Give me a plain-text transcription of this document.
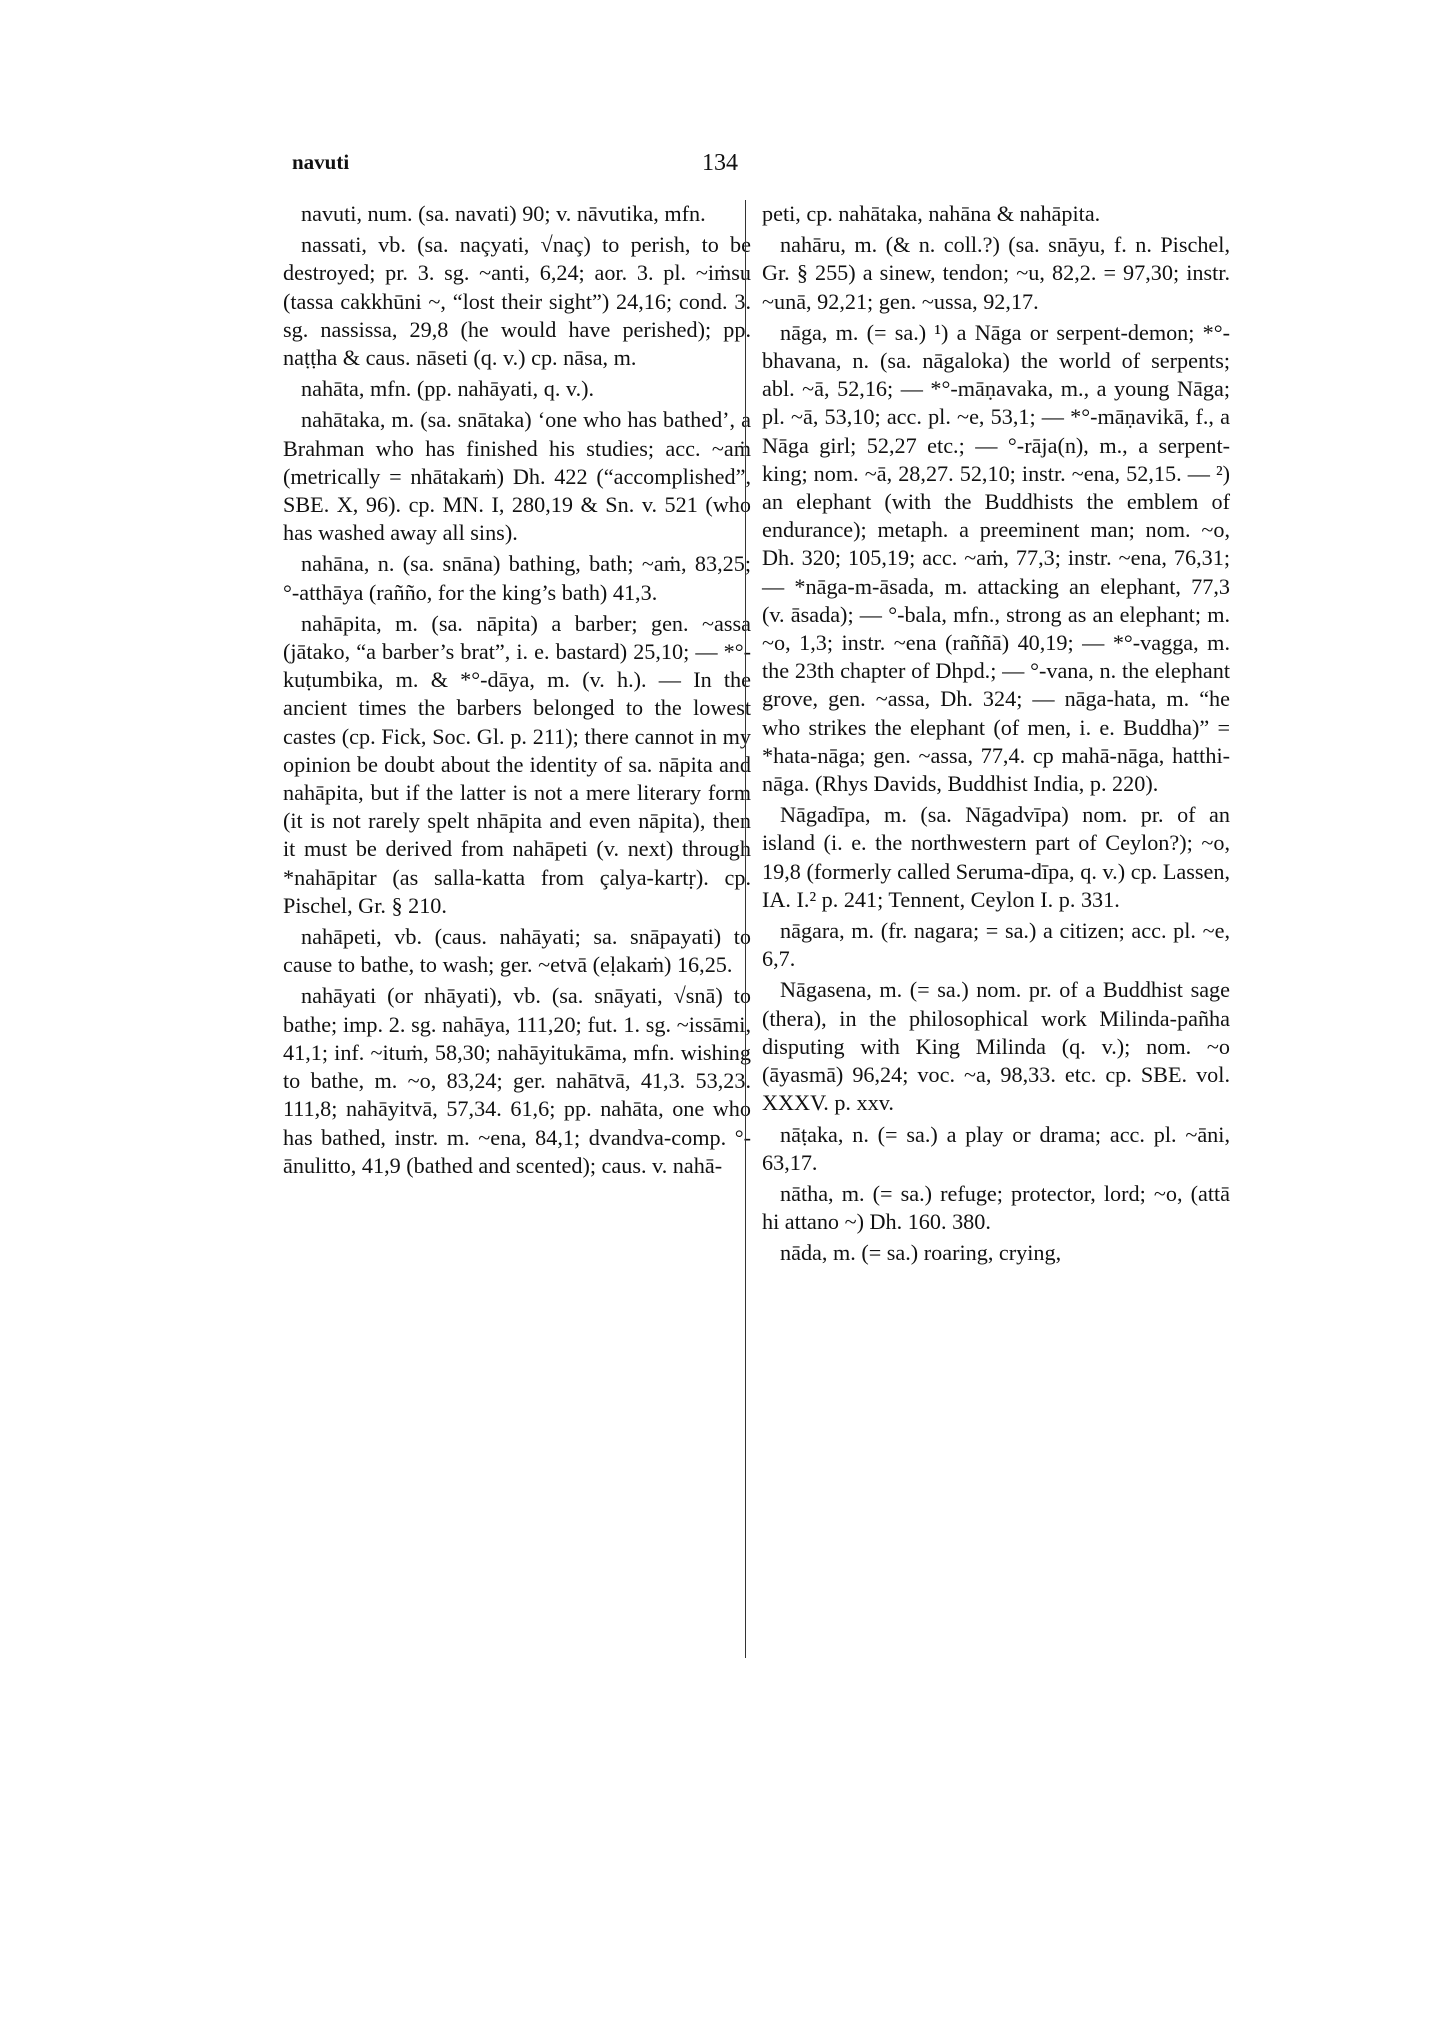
navuti	134

navuti, num. (sa. navati) 90; v. nāvutika, mfn.

nassati, vb. (sa. naçyati, √naç) to perish, to be destroyed; pr. 3. sg. ~anti, 6,24; aor. 3. pl. ~iṁsu (tassa cakkhūni ~, “lost their sight”) 24,16; cond. 3. sg. nassissa, 29,8 (he would have perished); pp. naṭṭha & caus. nāseti (q. v.) cp. nāsa, m.

nahāta, mfn. (pp. nahāyati, q. v.).

nahātaka, m. (sa. snātaka) ‘one who has bathed’, a Brahman who has finished his studies; acc. ~aṁ (metrically = nhātakaṁ) Dh. 422 (“accomplished”, SBE. X, 96). cp. MN. I, 280,19 & Sn. v. 521 (who has washed away all sins).

nahāna, n. (sa. snāna) bathing, bath; ~aṁ, 83,25; °-atthāya (rañño, for the king’s bath) 41,3.

nahāpita, m. (sa. nāpita) a barber; gen. ~assa (jātako, “a barber’s brat”, i. e. bastard) 25,10; — *°-kuṭumbika, m. & *°-dāya, m. (v. h.). — In the ancient times the barbers belonged to the lowest castes (cp. Fick, Soc. Gl. p. 211); there cannot in my opinion be doubt about the identity of sa. nāpita and nahāpita, but if the latter is not a mere literary form (it is not rarely spelt nhāpita and even nāpita), then it must be derived from nahāpeti (v. next) through *nahāpitar (as salla-katta from çalya-kartṛ). cp. Pischel, Gr. § 210.

nahāpeti, vb. (caus. nahāyati; sa. snāpayati) to cause to bathe, to wash; ger. ~etvā (eḷakaṁ) 16,25.

nahāyati (or nhāyati), vb. (sa. snāyati, √snā) to bathe; imp. 2. sg. nahāya, 111,20; fut. 1. sg. ~issāmi, 41,1; inf. ~ituṁ, 58,30; nahāyitukāma, mfn. wishing to bathe, m. ~o, 83,24; ger. nahātvā, 41,3. 53,23. 111,8; nahāyitvā, 57,34. 61,6; pp. nahāta, one who has bathed, instr. m. ~ena, 84,1; dvandva-comp. °-ānulitto, 41,9 (bathed and scented); caus. v. nahā-

peti, cp. nahātaka, nahāna & nahāpita.

nahāru, m. (& n. coll.?) (sa. snāyu, f. n. Pischel, Gr. § 255) a sinew, tendon; ~u, 82,2. = 97,30; instr. ~unā, 92,21; gen. ~ussa, 92,17.

nāga, m. (= sa.) ¹) a Nāga or serpent-demon; *°-bhavana, n. (sa. nāgaloka) the world of serpents; abl. ~ā, 52,16; — *°-māṇavaka, m., a young Nāga; pl. ~ā, 53,10; acc. pl. ~e, 53,1; — *°-māṇavikā, f., a Nāga girl; 52,27 etc.; — °-rāja(n), m., a serpent-king; nom. ~ā, 28,27. 52,10; instr. ~ena, 52,15. — ²) an elephant (with the Buddhists the emblem of endurance); metaph. a preeminent man; nom. ~o, Dh. 320; 105,19; acc. ~aṁ, 77,3; instr. ~ena, 76,31; — *nāga-m-āsada, m. attacking an elephant, 77,3 (v. āsada); — °-bala, mfn., strong as an elephant; m. ~o, 1,3; instr. ~ena (raññā) 40,19; — *°-vagga, m. the 23th chapter of Dhpd.; — °-vana, n. the elephant grove, gen. ~assa, Dh. 324; — nāga-hata, m. “he who strikes the elephant (of men, i. e. Buddha)” = *hata-nāga; gen. ~assa, 77,4. cp mahā-nāga, hatthi-nāga. (Rhys Davids, Buddhist India, p. 220).

Nāgadīpa, m. (sa. Nāgadvīpa) nom. pr. of an island (i. e. the northwestern part of Ceylon?); ~o, 19,8 (formerly called Seruma-dīpa, q. v.) cp. Lassen, IA. I.² p. 241; Tennent, Ceylon I. p. 331.

nāgara, m. (fr. nagara; = sa.) a citizen; acc. pl. ~e, 6,7.

Nāgasena, m. (= sa.) nom. pr. of a Buddhist sage (thera), in the philosophical work Milinda-pañha disputing with King Milinda (q. v.); nom. ~o (āyasmā) 96,24; voc. ~a, 98,33. etc. cp. SBE. vol. XXXV. p. xxv.

nāṭaka, n. (= sa.) a play or drama; acc. pl. ~āni, 63,17.

nātha, m. (= sa.) refuge; protector, lord; ~o, (attā hi attano ~) Dh. 160. 380.

nāda, m. (= sa.) roaring, crying,
